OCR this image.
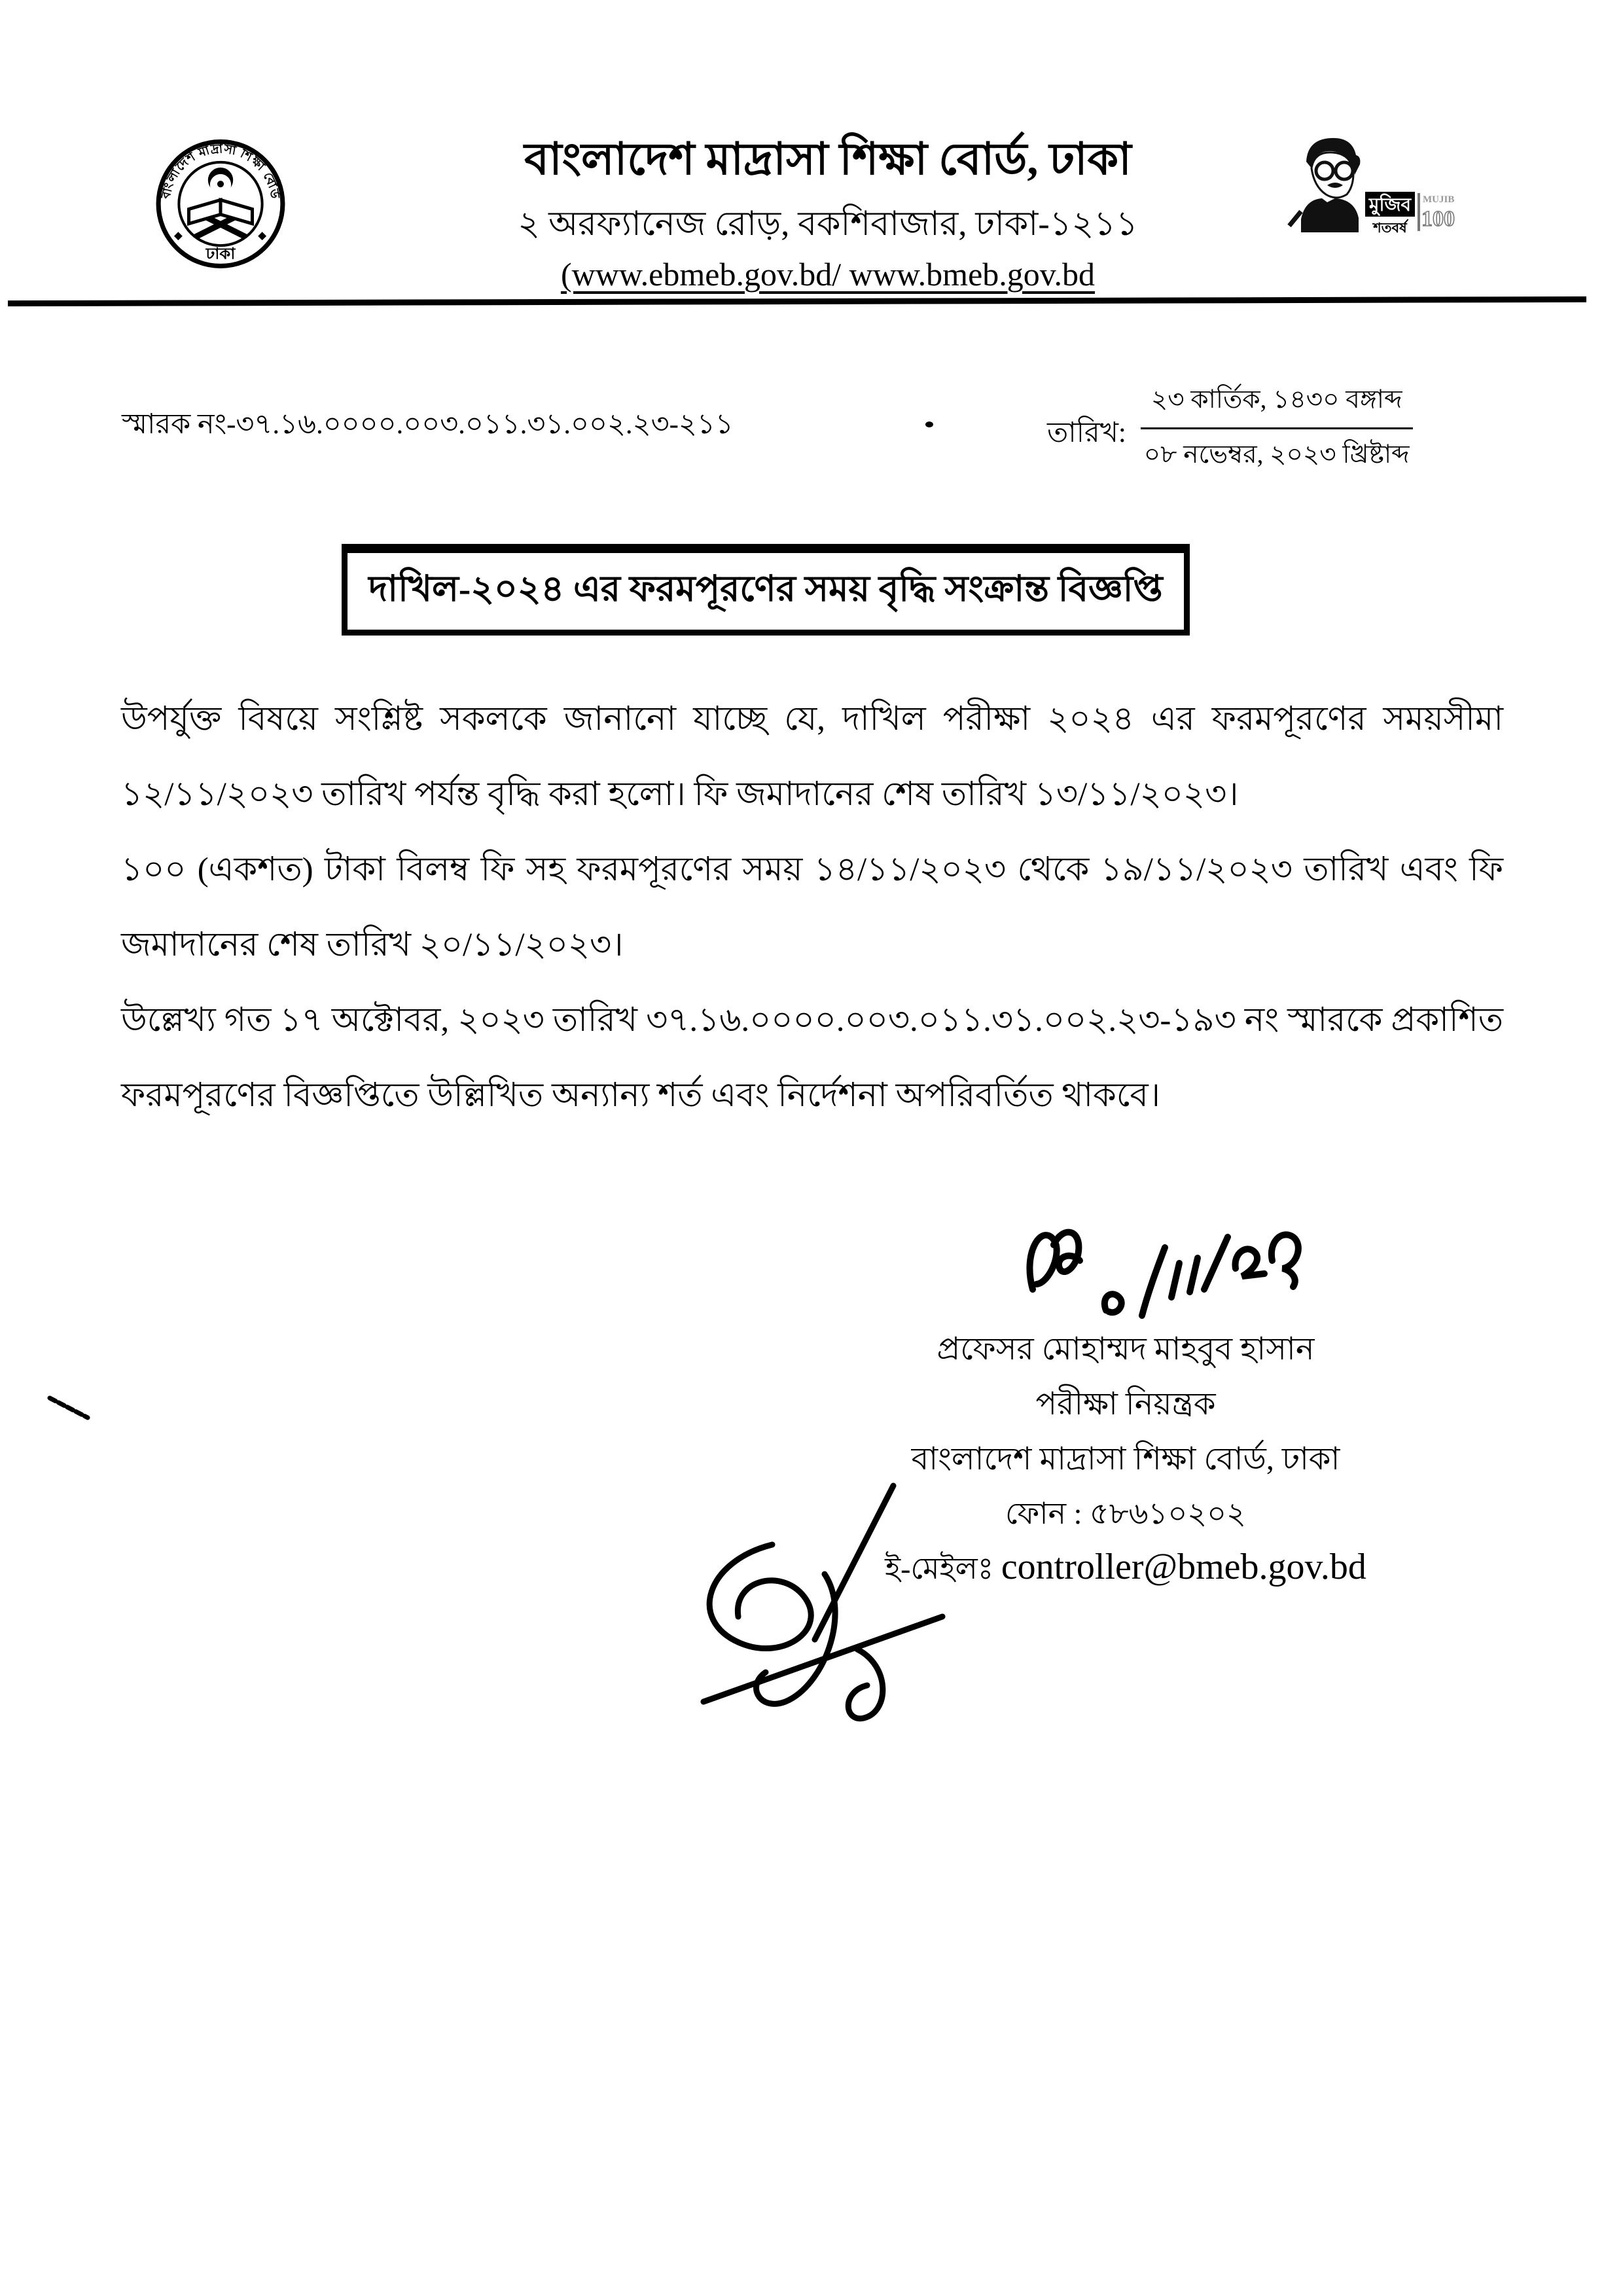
বাংলাদেশ মাদ্রাসা শিক্ষা বোর্ড
ঢাকা
বাংলাদেশ মাদ্রাসা শিক্ষা বোর্ড, ঢাকা
২ অরফ্যানেজ রোড়, বকশিবাজার, ঢাকা-১২১১
(www.ebmeb.gov.bd/ www.bmeb.gov.bd
মুজিব
শতবর্ষ
MUJIB
100
স্মারক নং-৩৭.১৬.০০০০.০০৩.০১১.৩১.০০২.২৩-২১১	তারিখ: $\frac{\text{২৩ কার্তিক, ১৪৩০ বঙ্গাব্দ}}{\text{০৮ নভেম্বর, ২০২৩ খ্রিষ্টাব্দ}}$
দাখিল-২০২৪ এর ফরমপূরণের সময় বৃদ্ধি সংক্রান্ত বিজ্ঞপ্তি

উপর্যুক্ত বিষয়ে সংশ্লিষ্ট সকলকে জানানো যাচ্ছে যে, দাখিল পরীক্ষা ২০২৪ এর ফরমপূরণের সময়সীমা ১২/১১/২০২৩ তারিখ পর্যন্ত বৃদ্ধি করা হলো। ফি জমাদানের শেষ তারিখ ১৩/১১/২০২৩।

১০০ (একশত) টাকা বিলম্ব ফি সহ ফরমপূরণের সময় ১৪/১১/২০২৩ থেকে ১৯/১১/২০২৩ তারিখ এবং ফি জমাদানের শেষ তারিখ ২০/১১/২০২৩।

উল্লেখ্য গত ১৭ অক্টোবর, ২০২৩ তারিখ ৩৭.১৬.০০০০.০০৩.০১১.৩১.০০২.২৩-১৯৩ নং স্মারকে প্রকাশিত ফরমপূরণের বিজ্ঞপ্তিতে উল্লিখিত অন্যান্য শর্ত এবং নির্দেশনা অপরিবর্তিত থাকবে।

প্রফেসর মোহাম্মদ মাহবুব হাসান
পরীক্ষা নিয়ন্ত্রক
বাংলাদেশ মাদ্রাসা শিক্ষা বোর্ড, ঢাকা
ফোন : ৫৮৬১০২০২
ই-মেইলঃ controller@bmeb.gov.bd
